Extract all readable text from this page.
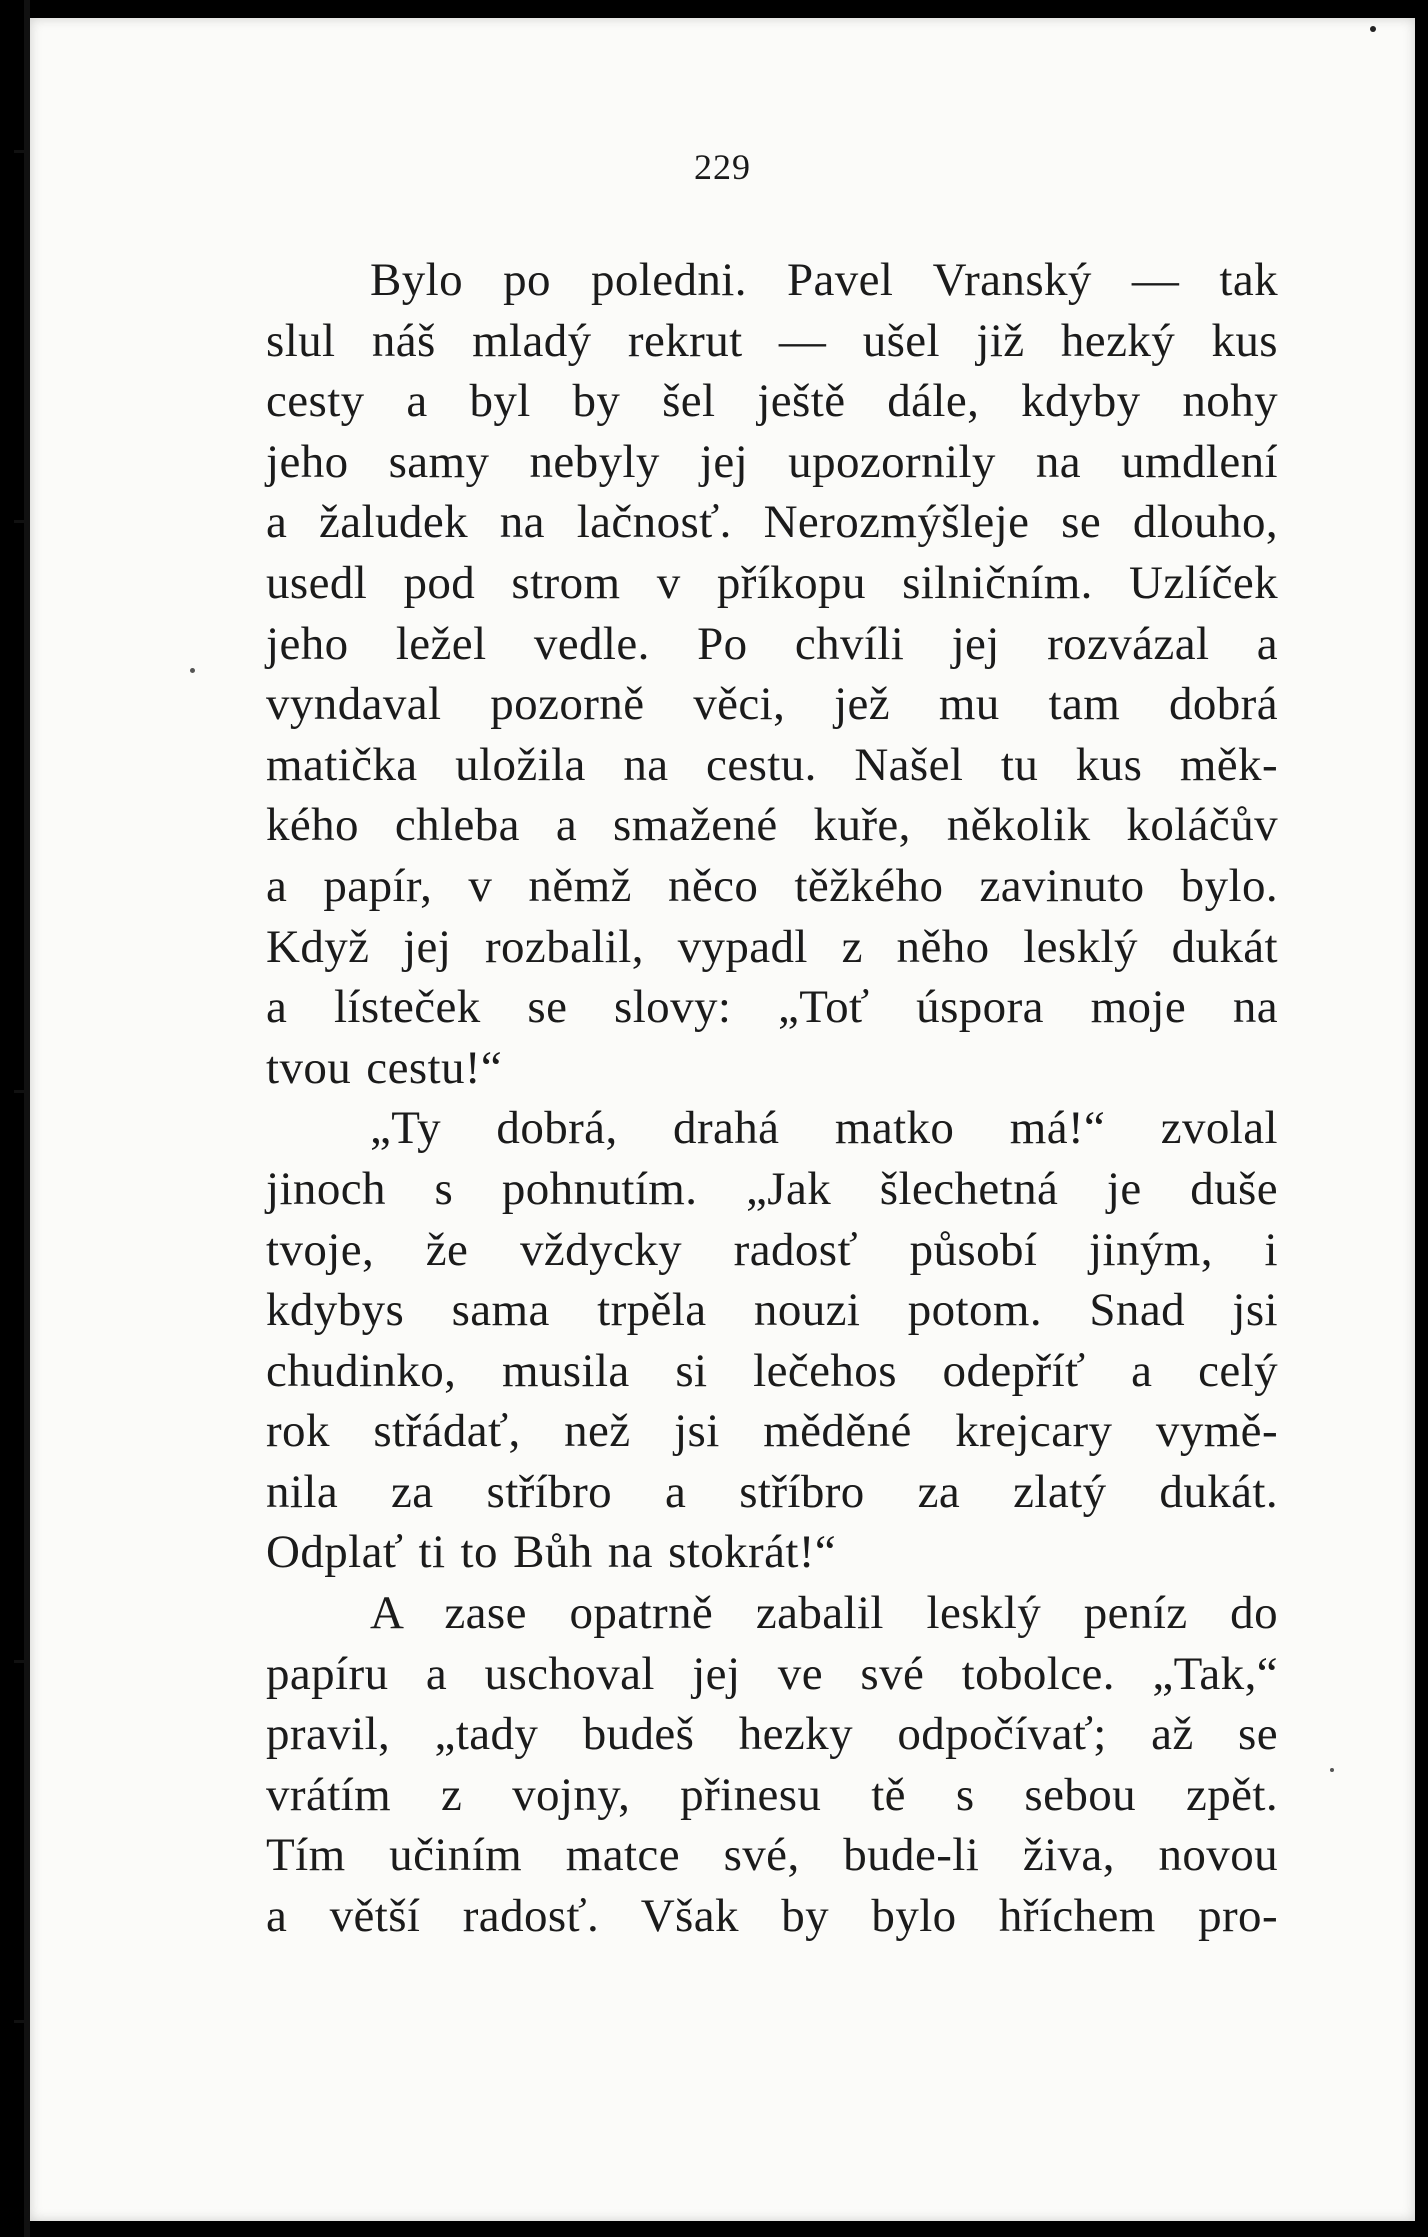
229
Bylo po poledni. Pavel Vranský — tak
slul náš mladý rekrut — ušel již hezký kus
cesty a byl by šel ještě dále, kdyby nohy
jeho samy nebyly jej upozornily na umdlení
a žaludek na lačnosť. Nerozmýšleje se dlouho,
usedl pod strom v příkopu silničním. Uzlíček
jeho ležel vedle. Po chvíli jej rozvázal a
vyndaval pozorně věci, jež mu tam dobrá
matička uložila na cestu. Našel tu kus měk-
kého chleba a smažené kuře, několik koláčův
a papír, v němž něco těžkého zavinuto bylo.
Když jej rozbalil, vypadl z něho lesklý dukát
a lísteček se slovy: „Toť úspora moje na
tvou cestu!“
„Ty dobrá, drahá matko má!“ zvolal
jinoch s pohnutím. „Jak šlechetná je duše
tvoje, že vždycky radosť působí jiným, i
kdybys sama trpěla nouzi potom. Snad jsi
chudinko, musila si lečehos odepříť a celý
rok střádať, než jsi měděné krejcary vymě-
nila za stříbro a stříbro za zlatý dukát.
Odplať ti to Bůh na stokrát!“
A zase opatrně zabalil lesklý peníz do
papíru a uschoval jej ve své tobolce. „Tak,“
pravil, „tady budeš hezky odpočívať; až se
vrátím z vojny, přinesu tě s sebou zpět.
Tím učiním matce své, bude-li živa, novou
a větší radosť. Však by bylo hříchem pro-
